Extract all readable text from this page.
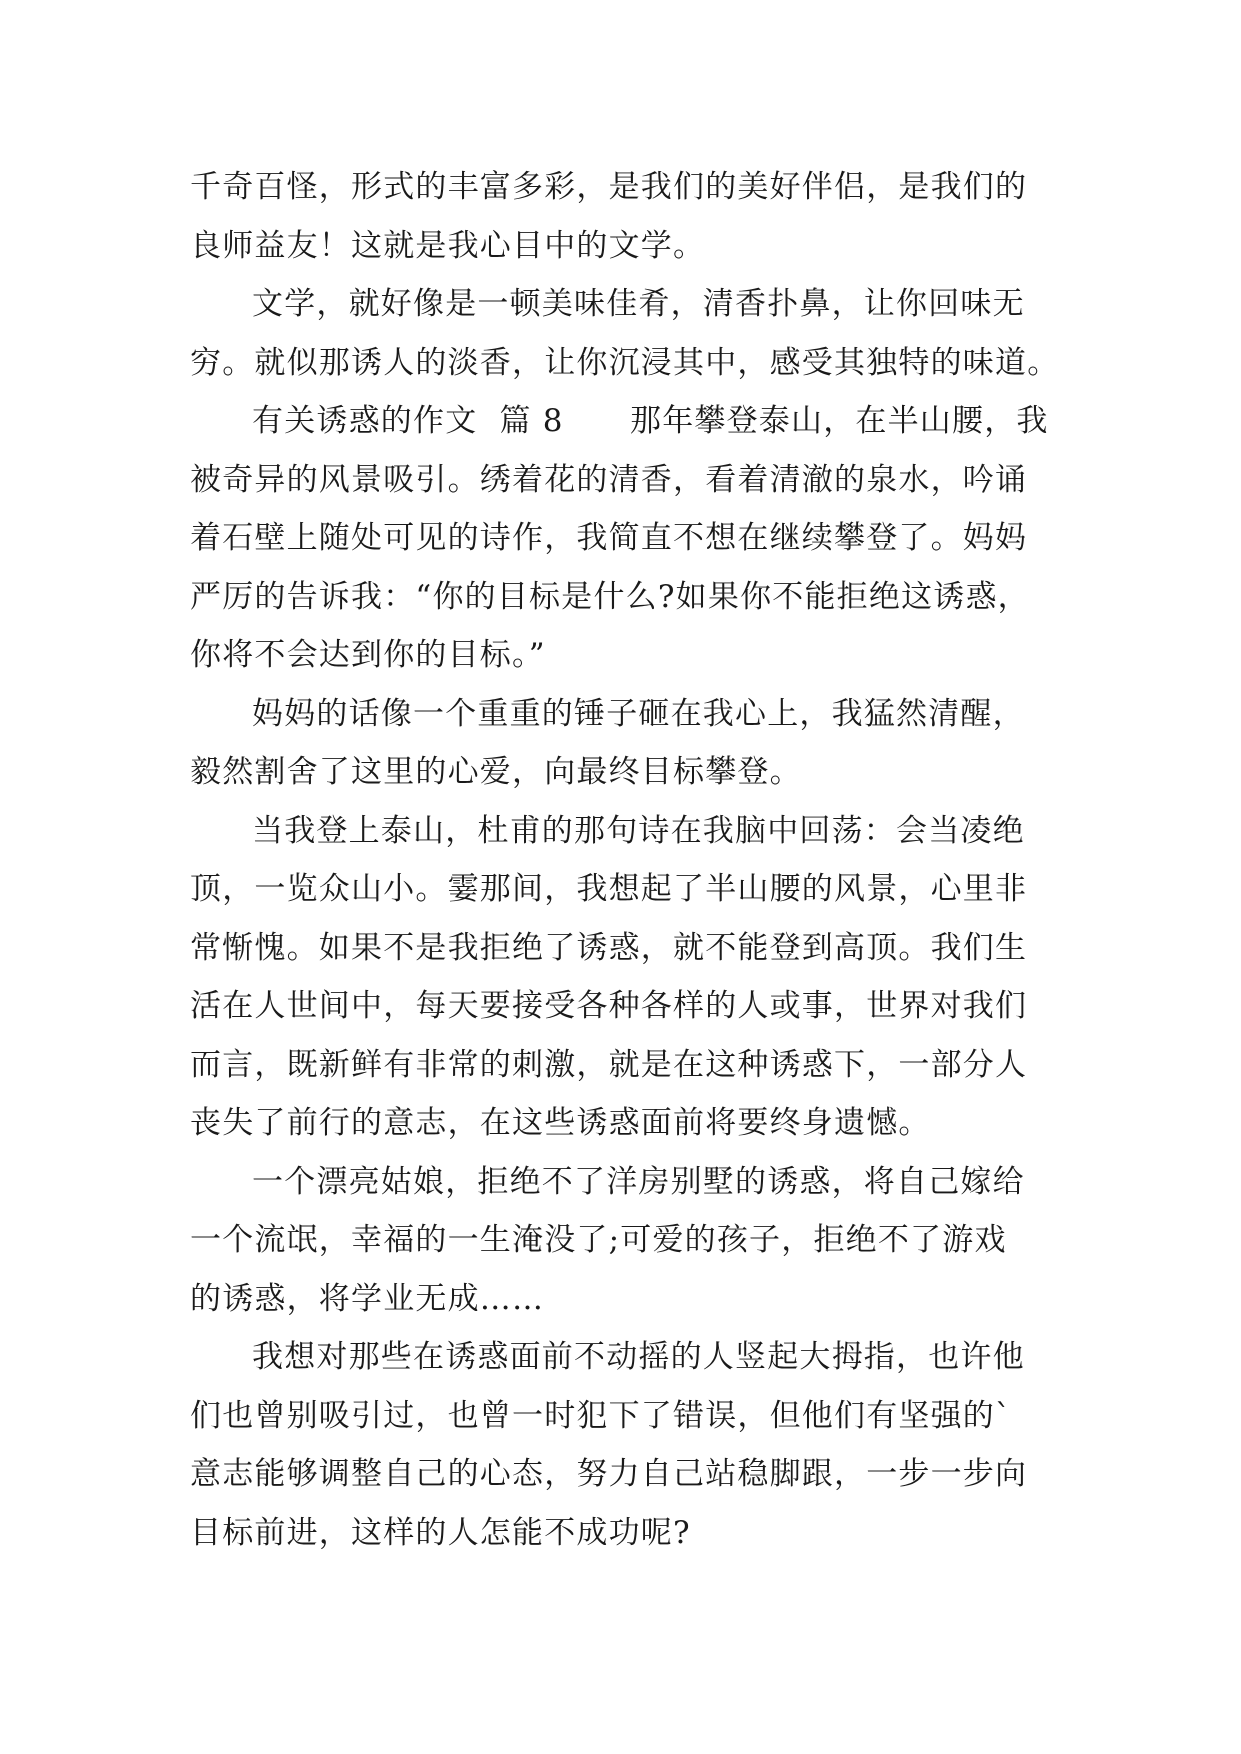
千奇百怪，形式的丰富多彩，是我们的美好伴侣，是我们的
良师益友！这就是我心目中的文学。
文学，就好像是一顿美味佳肴，清香扑鼻，让你回味无
穷。就似那诱人的淡香，让你沉浸其中，感受其独特的味道。
有关诱惑的作文  篇 8      那年攀登泰山，在半山腰，我
被奇异的风景吸引。绣着花的清香，看着清澈的泉水，吟诵
着石壁上随处可见的诗作，我简直不想在继续攀登了。妈妈
严厉的告诉我：“你的目标是什么?如果你不能拒绝这诱惑，
你将不会达到你的目标。”
妈妈的话像一个重重的锤子砸在我心上，我猛然清醒，
毅然割舍了这里的心爱，向最终目标攀登。
当我登上泰山，杜甫的那句诗在我脑中回荡：会当凌绝
顶，一览众山小。霎那间，我想起了半山腰的风景，心里非
常惭愧。如果不是我拒绝了诱惑，就不能登到高顶。我们生
活在人世间中，每天要接受各种各样的人或事，世界对我们
而言，既新鲜有非常的刺激，就是在这种诱惑下，一部分人
丧失了前行的意志，在这些诱惑面前将要终身遗憾。
一个漂亮姑娘，拒绝不了洋房别墅的诱惑，将自己嫁给
一个流氓，幸福的一生淹没了;可爱的孩子，拒绝不了游戏
的诱惑，将学业无成……
我想对那些在诱惑面前不动摇的人竖起大拇指，也许他
们也曾别吸引过，也曾一时犯下了错误，但他们有坚强的`
意志能够调整自己的心态，努力自己站稳脚跟，一步一步向
目标前进，这样的人怎能不成功呢?
